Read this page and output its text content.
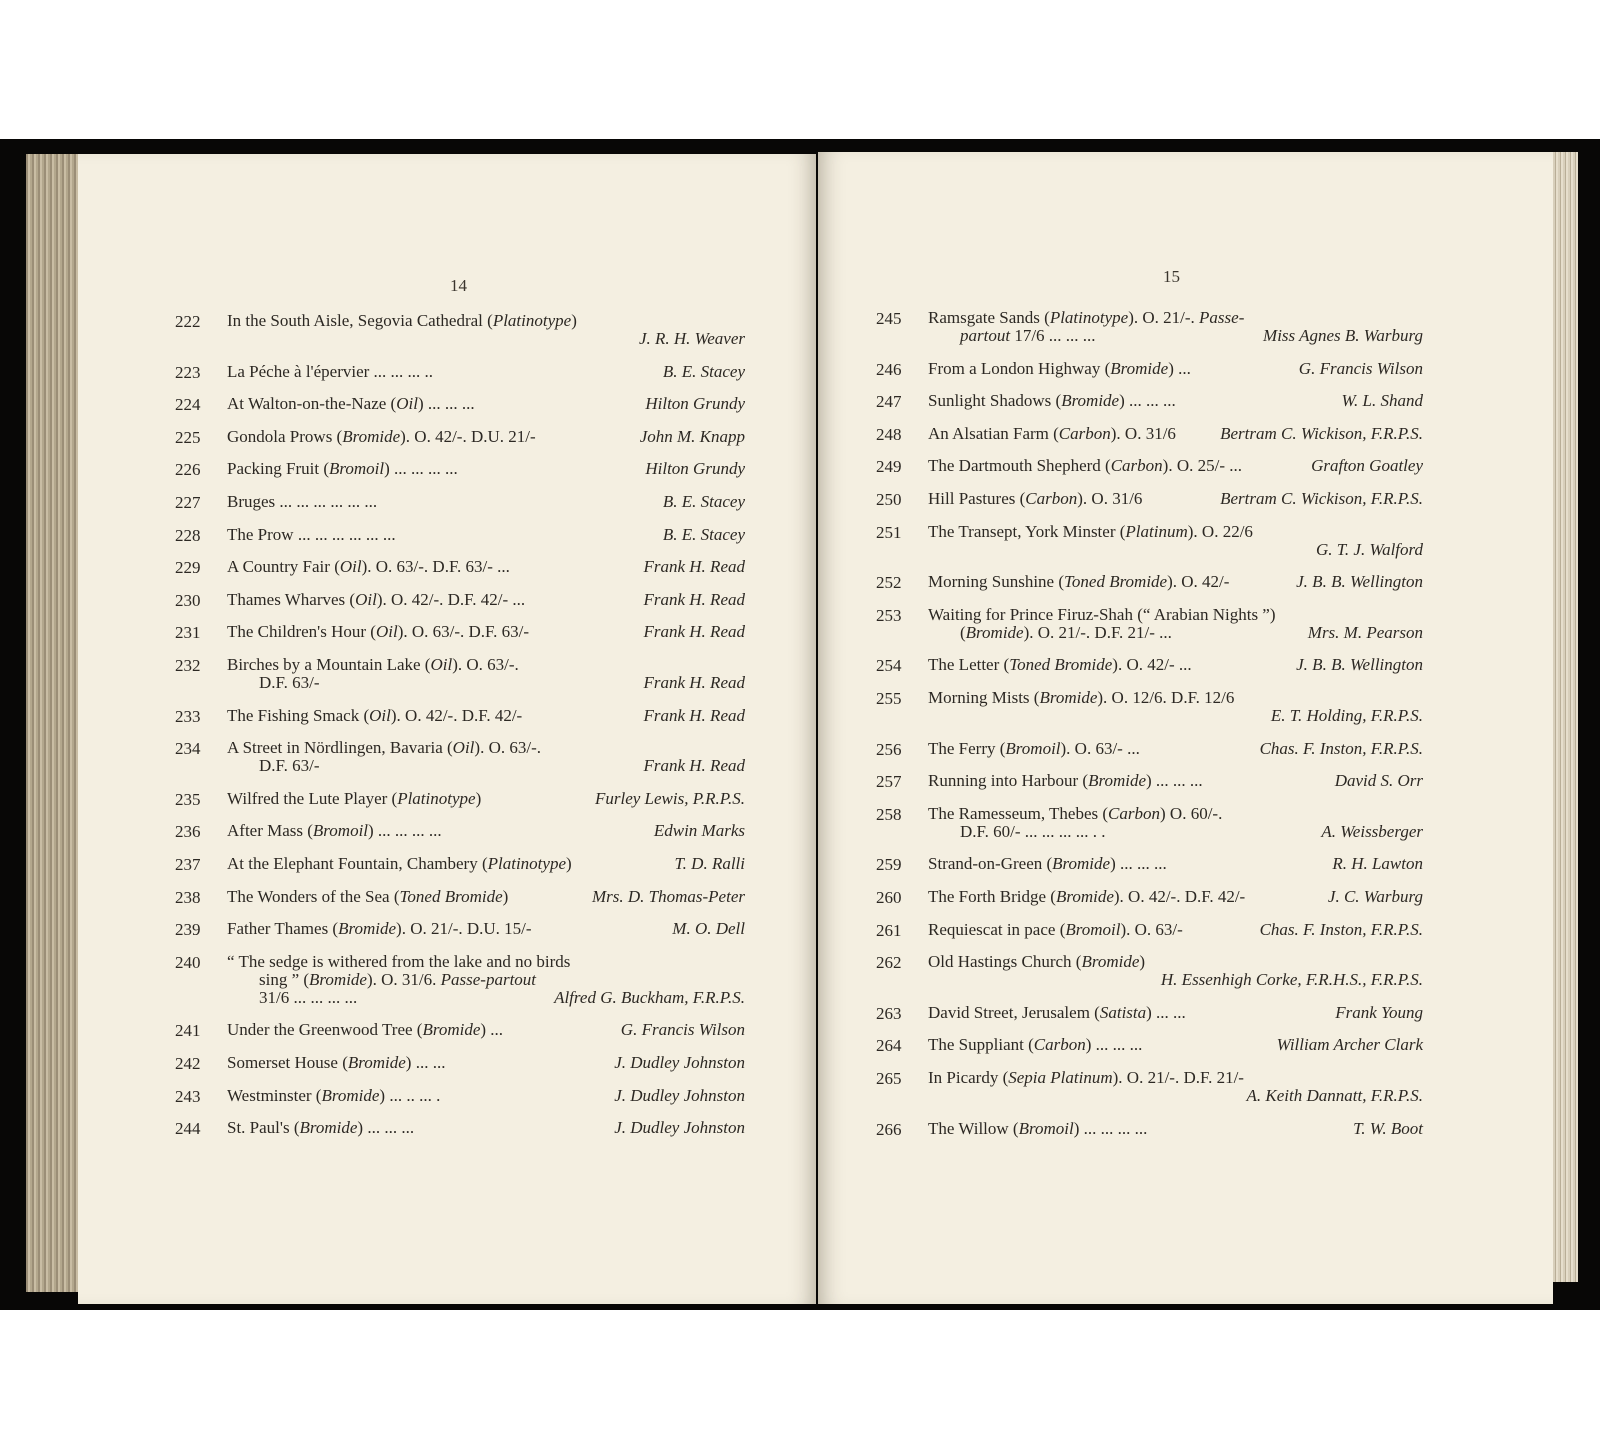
14
222 In the South Aisle, Segovia Cathedral (Platinotype)
J. R. H. Weaver
223 La Péche à l'épervier ... ... ... ..	B. E. Stacey
224 At Walton-on-the-Naze (Oil) ... ... ...	Hilton Grundy
225 Gondola Prows (Bromide). O. 42/-. D.U. 21/-	John M. Knapp
226 Packing Fruit (Bromoil) ... ... ... ...	Hilton Grundy
227 Bruges ... ... ... ... ... ...	B. E. Stacey
228 The Prow ... ... ... ... ... ...	B. E. Stacey
229 A Country Fair (Oil). O. 63/-. D.F. 63/- ...	Frank H. Read
230 Thames Wharves (Oil). O. 42/-. D.F. 42/- ...	Frank H. Read
231 The Children's Hour (Oil). O. 63/-. D.F. 63/-	Frank H. Read
232 Birches by a Mountain Lake (Oil). O. 63/-.
D.F. 63/-	Frank H. Read
233 The Fishing Smack (Oil). O. 42/-. D.F. 42/-	Frank H. Read
234 A Street in Nördlingen, Bavaria (Oil). O. 63/-.
D.F. 63/-	Frank H. Read
235 Wilfred the Lute Player (Platinotype)	Furley Lewis, P.R.P.S.
236 After Mass (Bromoil) ... ... ... ...	Edwin Marks
237 At the Elephant Fountain, Chambery (Platinotype)	T. D. Ralli
238 The Wonders of the Sea (Toned Bromide)	Mrs. D. Thomas-Peter
239 Father Thames (Bromide). O. 21/-. D.U. 15/-	M. O. Dell
240 “ The sedge is withered from the lake and no birds
sing ” (Bromide). O. 31/6. Passe-partout
31/6 ... ... ... ...	Alfred G. Buckham, F.R.P.S.
241 Under the Greenwood Tree (Bromide) ...	G. Francis Wilson
242 Somerset House (Bromide) ... ...	J. Dudley Johnston
243 Westminster (Bromide) ... .. ... .	J. Dudley Johnston
244 St. Paul's (Bromide) ... ... ...	J. Dudley Johnston
15
245 Ramsgate Sands (Platinotype). O. 21/-. Passe-
partout 17/6 ... ... ...	Miss Agnes B. Warburg
246 From a London Highway (Bromide) ...	G. Francis Wilson
247 Sunlight Shadows (Bromide) ... ... ...	W. L. Shand
248 An Alsatian Farm (Carbon). O. 31/6	Bertram C. Wickison, F.R.P.S.
249 The Dartmouth Shepherd (Carbon). O. 25/- ...	Grafton Goatley
250 Hill Pastures (Carbon). O. 31/6	Bertram C. Wickison, F.R.P.S.
251 The Transept, York Minster (Platinum). O. 22/6
G. T. J. Walford
252 Morning Sunshine (Toned Bromide). O. 42/-	J. B. B. Wellington
253 Waiting for Prince Firuz-Shah (“ Arabian Nights ”)
(Bromide). O. 21/-. D.F. 21/- ...	Mrs. M. Pearson
254 The Letter (Toned Bromide). O. 42/- ...	J. B. B. Wellington
255 Morning Mists (Bromide). O. 12/6. D.F. 12/6
E. T. Holding, F.R.P.S.
256 The Ferry (Bromoil). O. 63/- ...	Chas. F. Inston, F.R.P.S.
257 Running into Harbour (Bromide) ... ... ...	David S. Orr
258 The Ramesseum, Thebes (Carbon) O. 60/-.
D.F. 60/- ... ... ... ... . .	A. Weissberger
259 Strand-on-Green (Bromide) ... ... ...	R. H. Lawton
260 The Forth Bridge (Bromide). O. 42/-. D.F. 42/-	J. C. Warburg
261 Requiescat in pace (Bromoil). O. 63/-	Chas. F. Inston, F.R.P.S.
262 Old Hastings Church (Bromide)
H. Essenhigh Corke, F.R.H.S., F.R.P.S.
263 David Street, Jerusalem (Satista) ... ...	Frank Young
264 The Suppliant (Carbon) ... ... ...	William Archer Clark
265 In Picardy (Sepia Platinum). O. 21/-. D.F. 21/-
A. Keith Dannatt, F.R.P.S.
266 The Willow (Bromoil) ... ... ... ...	T. W. Boot
